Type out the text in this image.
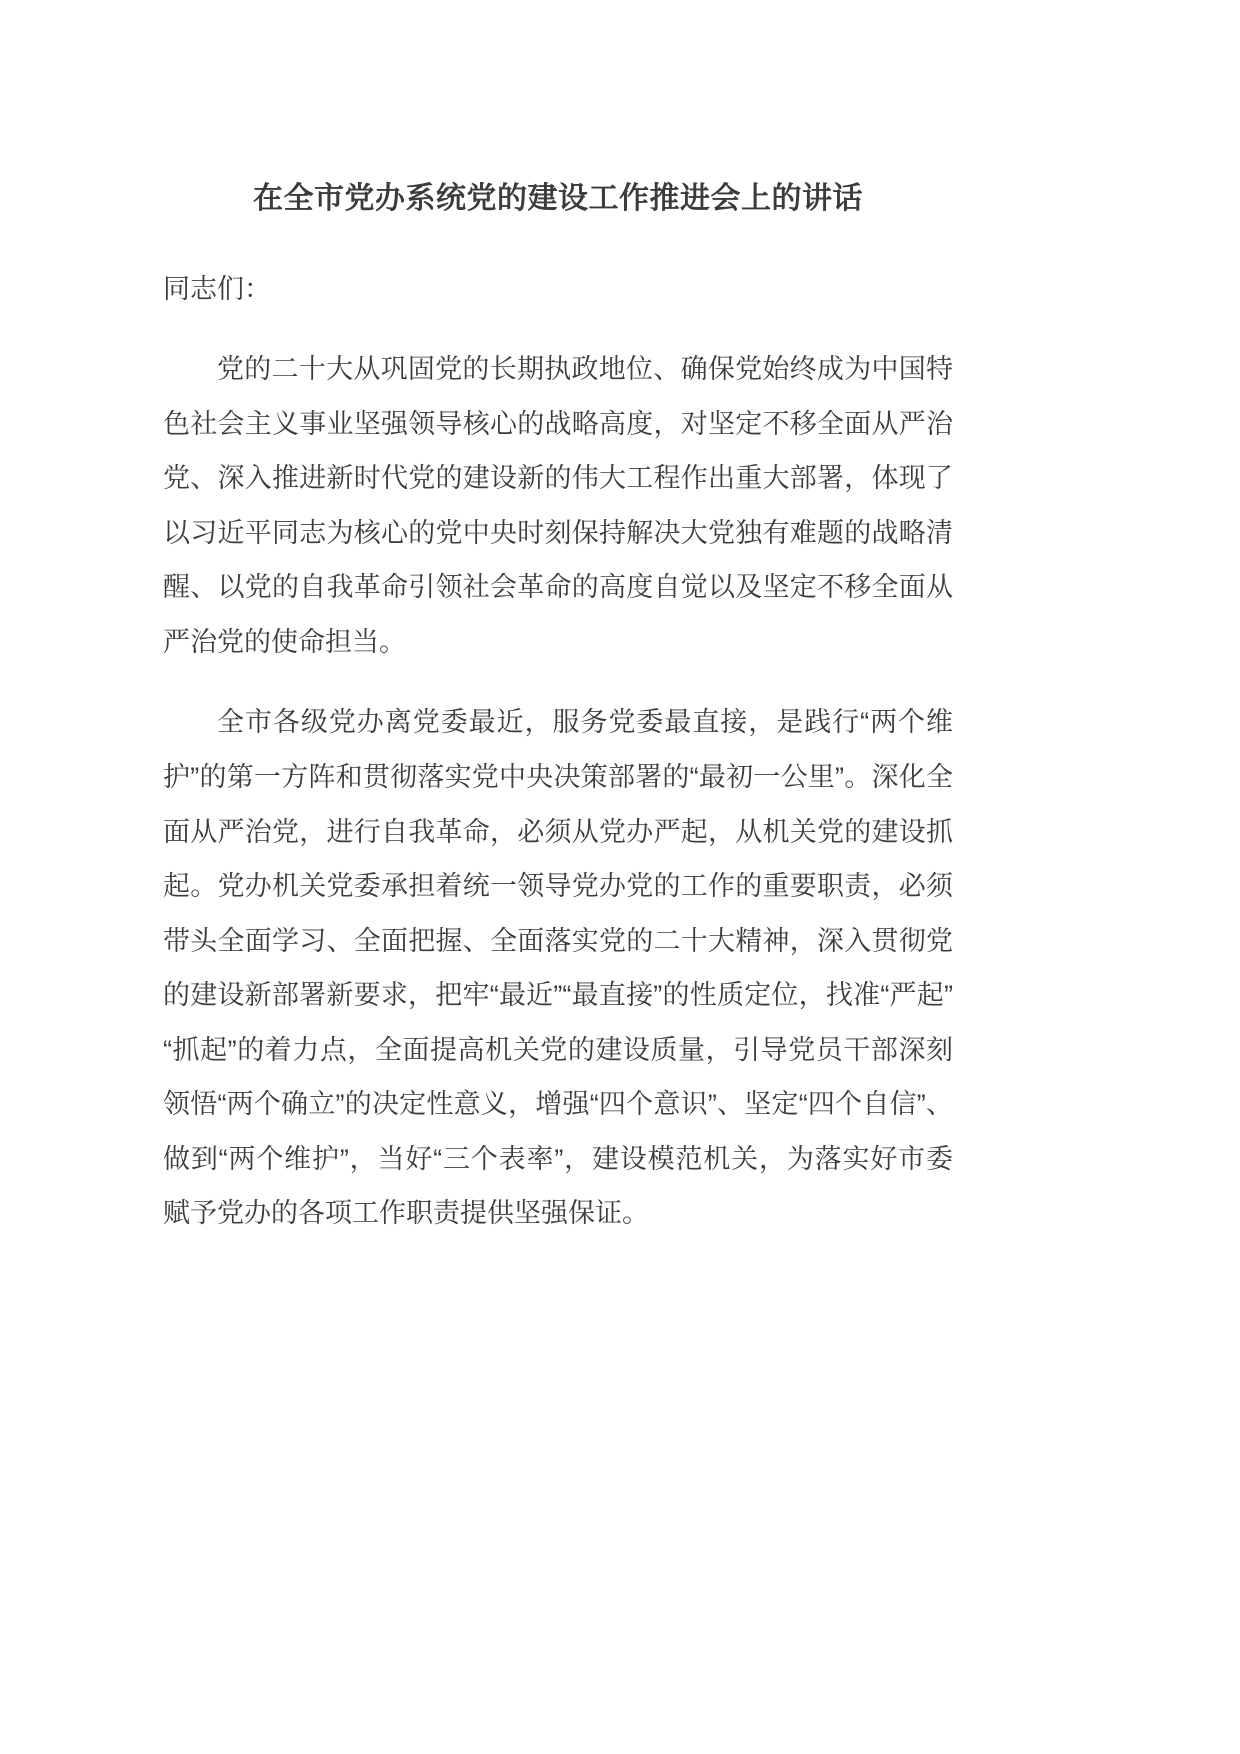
在全市党办系统党的建设工作推进会上的讲话

同志们：

党的二十大从巩固党的长期执政地位、确保党始终成为中国特色社会主义事业坚强领导核心的战略高度，对坚定不移全面从严治党、深入推进新时代党的建设新的伟大工程作出重大部署，体现了以习近平同志为核心的党中央时刻保持解决大党独有难题的战略清醒、以党的自我革命引领社会革命的高度自觉以及坚定不移全面从严治党的使命担当。

全市各级党办离党委最近，服务党委最直接，是践行“两个维护”的第一方阵和贯彻落实党中央决策部署的“最初一公里”。深化全面从严治党，进行自我革命，必须从党办严起，从机关党的建设抓起。党办机关党委承担着统一领导党办党的工作的重要职责，必须带头全面学习、全面把握、全面落实党的二十大精神，深入贯彻党的建设新部署新要求，把牢“最近”“最直接”的性质定位，找准“严起”“抓起”的着力点，全面提高机关党的建设质量，引导党员干部深刻领悟“两个确立”的决定性意义，增强“四个意识”、坚定“四个自信”、做到“两个维护”，当好“三个表率”，建设模范机关，为落实好市委赋予党办的各项工作职责提供坚强保证。
